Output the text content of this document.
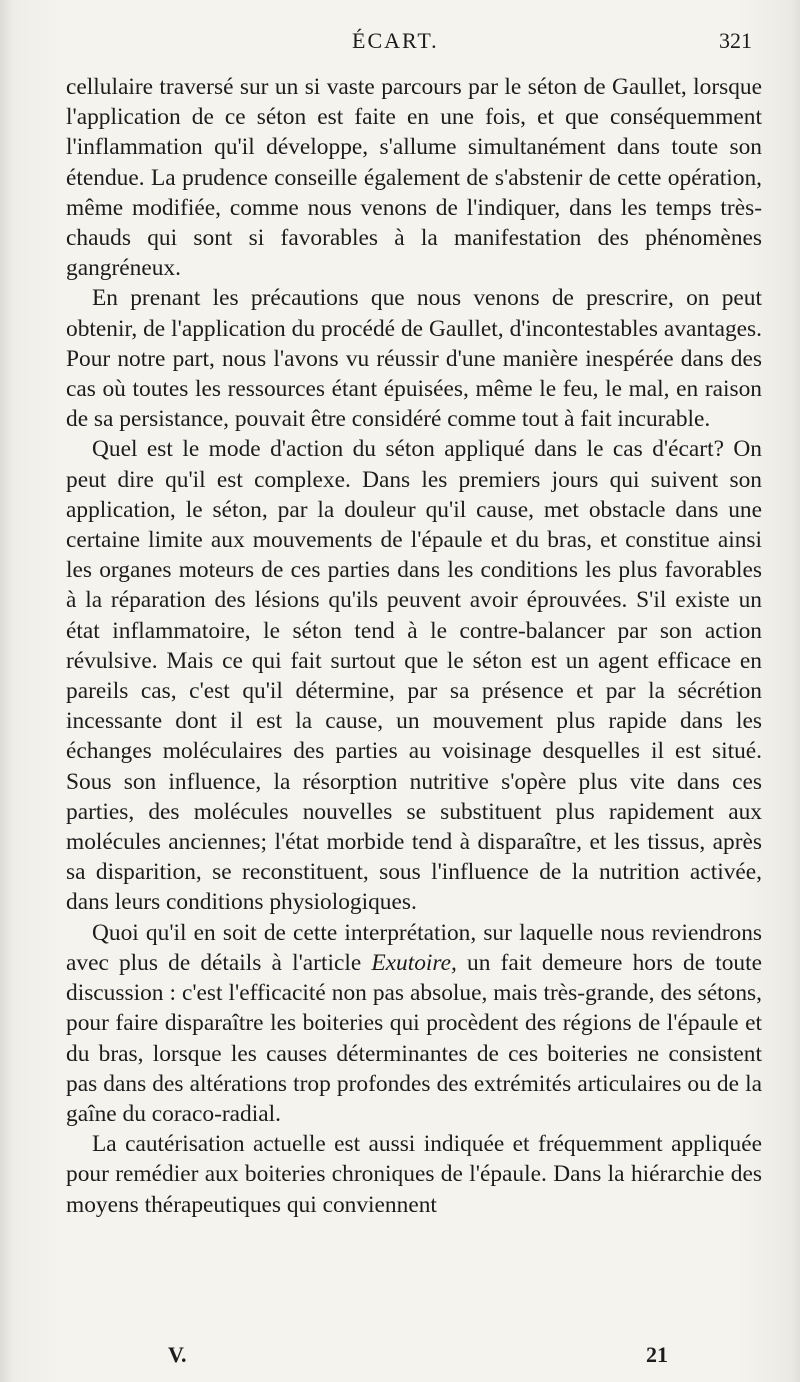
ÉCART.	321

cellulaire traversé sur un si vaste parcours par le séton de Gaullet, lorsque l'application de ce séton est faite en une fois, et que conséquemment l'inflammation qu'il développe, s'allume simultanément dans toute son étendue. La prudence conseille également de s'abstenir de cette opération, même modifiée, comme nous venons de l'indiquer, dans les temps très-chauds qui sont si favorables à la manifestation des phénomènes gangréneux.

En prenant les précautions que nous venons de prescrire, on peut obtenir, de l'application du procédé de Gaullet, d'incontestables avantages. Pour notre part, nous l'avons vu réussir d'une manière inespérée dans des cas où toutes les ressources étant épuisées, même le feu, le mal, en raison de sa persistance, pouvait être considéré comme tout à fait incurable.

Quel est le mode d'action du séton appliqué dans le cas d'écart? On peut dire qu'il est complexe. Dans les premiers jours qui suivent son application, le séton, par la douleur qu'il cause, met obstacle dans une certaine limite aux mouvements de l'épaule et du bras, et constitue ainsi les organes moteurs de ces parties dans les conditions les plus favorables à la réparation des lésions qu'ils peuvent avoir éprouvées. S'il existe un état inflammatoire, le séton tend à le contre-balancer par son action révulsive. Mais ce qui fait surtout que le séton est un agent efficace en pareils cas, c'est qu'il détermine, par sa présence et par la sécrétion incessante dont il est la cause, un mouvement plus rapide dans les échanges moléculaires des parties au voisinage desquelles il est situé. Sous son influence, la résorption nutritive s'opère plus vite dans ces parties, des molécules nouvelles se substituent plus rapidement aux molécules anciennes; l'état morbide tend à disparaître, et les tissus, après sa disparition, se reconstituent, sous l'influence de la nutrition activée, dans leurs conditions physiologiques.

Quoi qu'il en soit de cette interprétation, sur laquelle nous reviendrons avec plus de détails à l'article Exutoire, un fait demeure hors de toute discussion : c'est l'efficacité non pas absolue, mais très-grande, des sétons, pour faire disparaître les boiteries qui procèdent des régions de l'épaule et du bras, lorsque les causes déterminantes de ces boiteries ne consistent pas dans des altérations trop profondes des extrémités articulaires ou de la gaîne du coraco-radial.

La cautérisation actuelle est aussi indiquée et fréquemment appliquée pour remédier aux boiteries chroniques de l'épaule. Dans la hiérarchie des moyens thérapeutiques qui conviennent

V.	21
